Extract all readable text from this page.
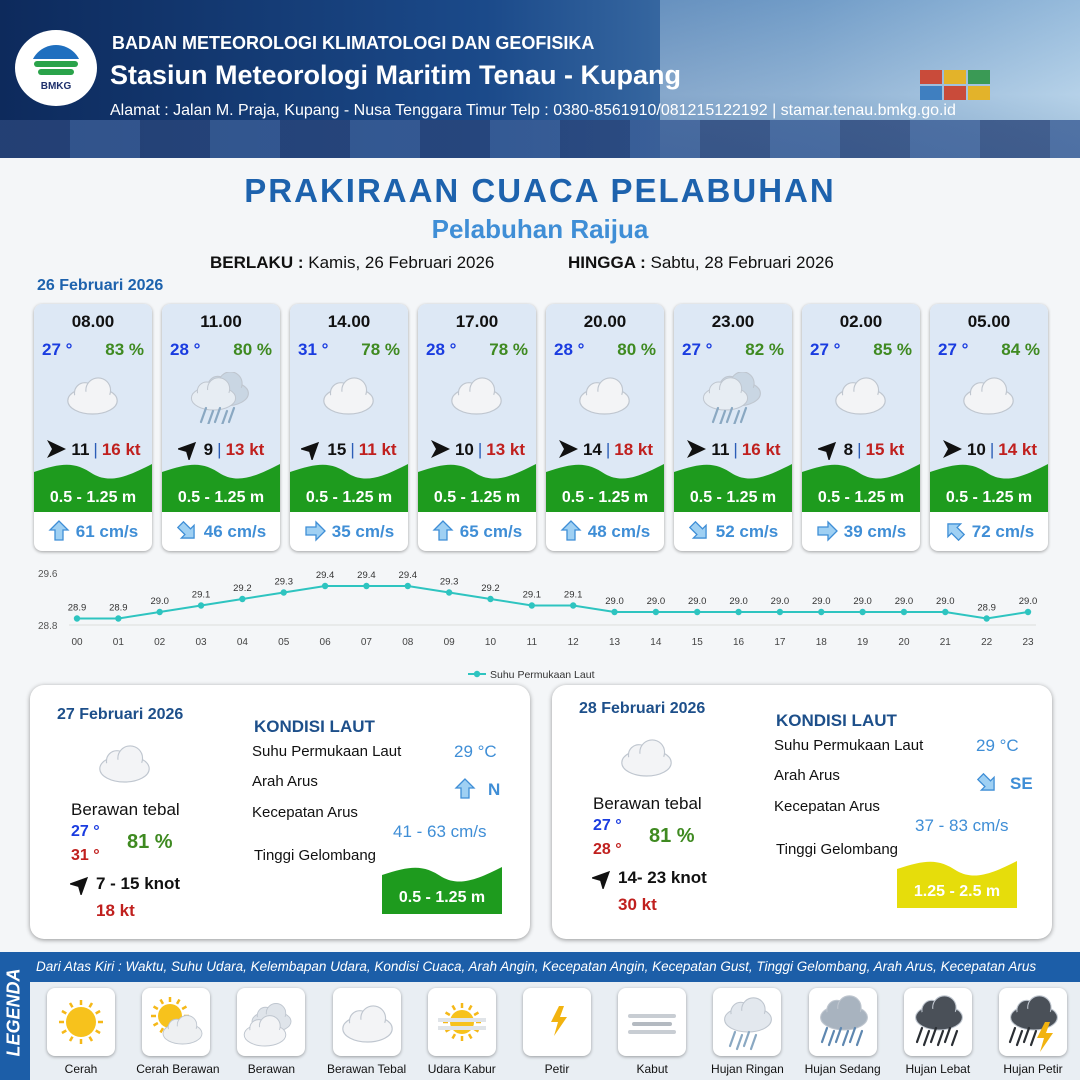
BMKG
BADAN METEOROLOGI KLIMATOLOGI DAN GEOFISIKA
Stasiun Meteorologi Maritim Tenau - Kupang
Alamat : Jalan M. Praja, Kupang - Nusa Tenggara Timur Telp : 0380-8561910/081215122192 | stamar.tenau.bmkg.go.id
PRAKIRAAN CUACA PELABUHAN
Pelabuhan Raijua
BERLAKU : Kamis, 26 Februari 2026	HINGGA : Sabtu, 28 Februari 2026
26 Februari 2026
08.00
27 ° 83 %
11 | 16 kt
0.5 - 1.25 m
61 cm/s
11.00
28 ° 80 %
9 | 13 kt
0.5 - 1.25 m
46 cm/s
14.00
31 ° 78 %
15 | 11 kt
0.5 - 1.25 m
35 cm/s
17.00
28 ° 78 %
10 | 13 kt
0.5 - 1.25 m
65 cm/s
20.00
28 ° 80 %
14 | 18 kt
0.5 - 1.25 m
48 cm/s
23.00
27 ° 82 %
11 | 16 kt
0.5 - 1.25 m
52 cm/s
02.00
27 ° 85 %
8 | 15 kt
0.5 - 1.25 m
39 cm/s
05.00
27 ° 84 %
10 | 14 kt
0.5 - 1.25 m
72 cm/s
29.6
28.8
28.9
00
28.9
01
29.0
02
29.1
03
29.2
04
29.3
05
29.4
06
29.4
07
29.4
08
29.3
09
29.2
10
29.1
11
29.1
12
29.0
13
29.0
14
29.0
15
29.0
16
29.0
17
29.0
18
29.0
19
29.0
20
29.0
21
28.9
22
29.0
23
Suhu Permukaan Laut
27 Februari 2026
Berawan tebal
27 °
31 °
81 %
7 - 15 knot
18 kt
KONDISI LAUT
Suhu Permukaan Laut	29 °C
Arah Arus	N
Kecepatan Arus
41 - 63 cm/s
Tinggi Gelombang
0.5 - 1.25 m
28 Februari 2026
Berawan tebal
27 °
28 °
81 %
14- 23 knot
30 kt
KONDISI LAUT
Suhu Permukaan Laut	29 °C
Arah Arus	SE
Kecepatan Arus
37 - 83 cm/s
Tinggi Gelombang
1.25 - 2.5 m
LEGENDA
Dari Atas Kiri : Waktu, Suhu Udara, Kelembapan Udara, Kondisi Cuaca, Arah Angin, Kecepatan Angin, Kecepatan Gust, Tinggi Gelombang, Arah Arus, Kecepatan Arus
Cerah	Cerah Berawan	Berawan	Berawan Tebal	Udara Kabur	Petir	Kabut	Hujan Ringan	Hujan Sedang	Hujan Lebat	Hujan Petir
